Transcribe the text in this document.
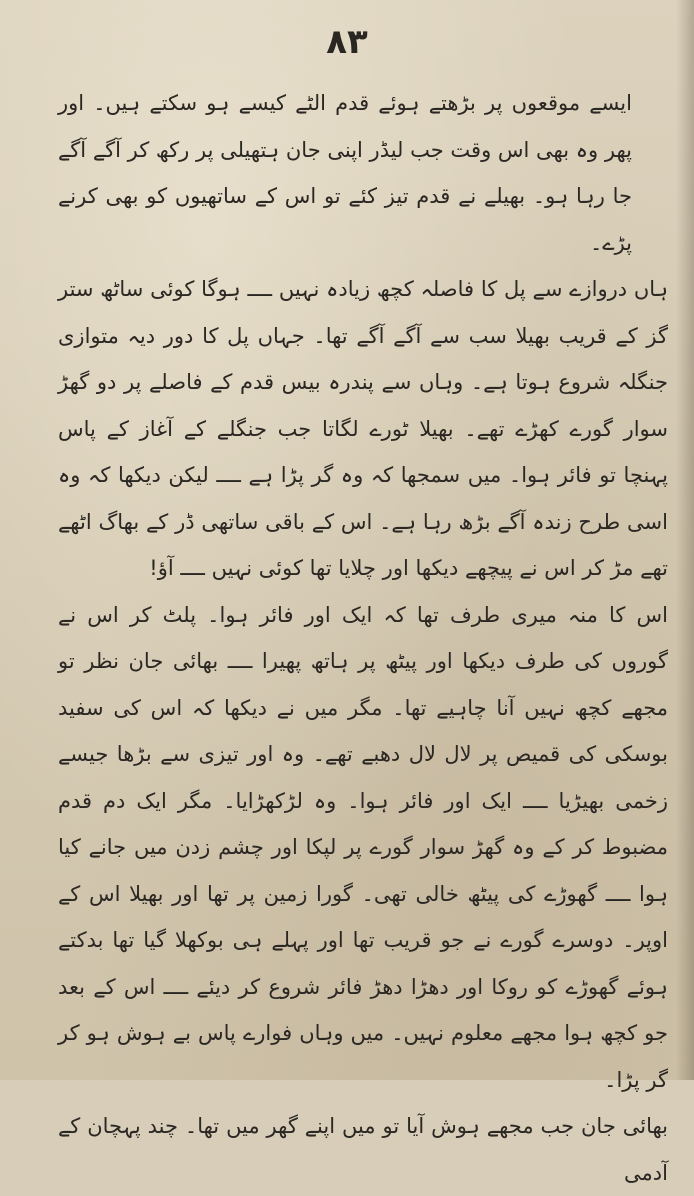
۸۳

ایسے موقعوں پر بڑھتے ہوئے قدم الٹے کیسے ہو سکتے ہیں۔ اور پھر وہ بھی اس وقت جب لیڈر اپنی جان ہتھیلی پر رکھ کر آگے آگے جا رہا ہو۔ بھیلے نے قدم تیز کئے تو اس کے ساتھیوں کو بھی کرنے پڑے۔

ہاں دروازے سے پل کا فاصلہ کچھ زیادہ نہیں ــــ ہوگا کوئی ساٹھ ستر گز کے قریب بھیلا سب سے آگے آگے تھا۔ جہاں پل کا دور دیہ متوازی جنگلہ شروع ہوتا ہے۔ وہاں سے پندرہ بیس قدم کے فاصلے پر دو گھڑ سوار گورے کھڑے تھے۔ بھیلا ٹورے لگاتا جب جنگلے کے آغاز کے پاس پہنچا تو فائر ہوا۔ میں سمجھا کہ وہ گر پڑا ہے ــــ لیکن دیکھا کہ وہ اسی طرح زندہ آگے بڑھ رہا ہے۔ اس کے باقی ساتھی ڈر کے بھاگ اٹھے تھے مڑ کر اس نے پیچھے دیکھا اور چلایا تھا کوئی نہیں ــــ آؤ!

اس کا منہ میری طرف تھا کہ ایک اور فائر ہوا۔ پلٹ کر اس نے گوروں کی طرف دیکھا اور پیٹھ پر ہاتھ پھیرا ــــ بھائی جان نظر تو مجھے کچھ نہیں آنا چاہیے تھا۔ مگر میں نے دیکھا کہ اس کی سفید بوسکی کی قمیص پر لال لال دھبے تھے۔ وہ اور تیزی سے بڑھا جیسے زخمی بھیڑیا ــــ ایک اور فائر ہوا۔ وہ لڑکھڑایا۔ مگر ایک دم قدم مضبوط کر کے وہ گھڑ سوار گورے پر لپکا اور چشم زدن میں جانے کیا ہوا ــــ گھوڑے کی پیٹھ خالی تھی۔ گورا زمین پر تھا اور بھیلا اس کے اوپر۔ دوسرے گورے نے جو قریب تھا اور پہلے ہی بوکھلا گیا تھا بدکتے ہوئے گھوڑے کو روکا اور دھڑا دھڑ فائر شروع کر دیئے ــــ اس کے بعد جو کچھ ہوا مجھے معلوم نہیں۔ میں وہاں فوارے پاس بے ہوش ہو کر گر پڑا۔

بھائی جان جب مجھے ہوش آیا تو میں اپنے گھر میں تھا۔ چند پہچان کے آدمی
